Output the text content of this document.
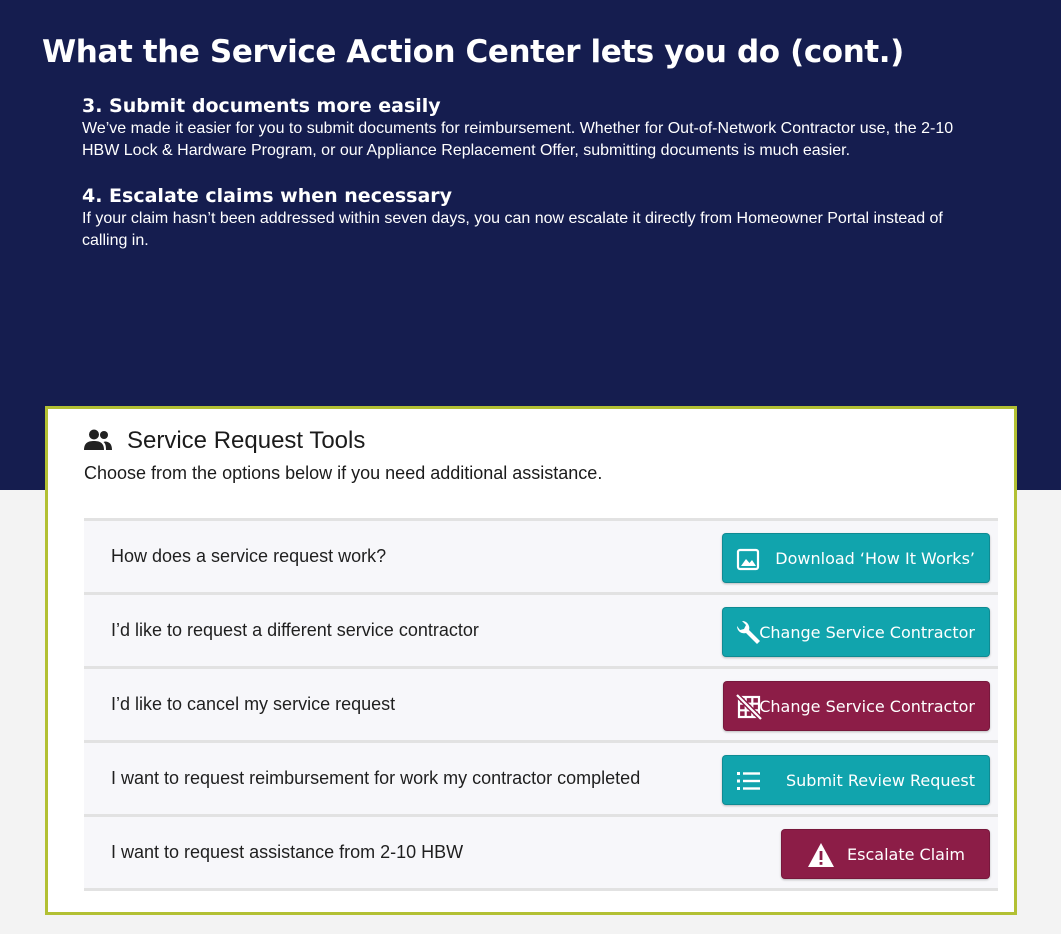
What the Service Action Center lets you do (cont.)
3. Submit documents more easily

We’ve made it easier for you to submit documents for reimbursement. Whether for Out-of-Network Contractor use, the 2-10 HBW Lock & Hardware Program, or our Appliance Replacement Offer, submitting documents is much easier.

4. Escalate claims when necessary

If your claim hasn’t been addressed within seven days, you can now escalate it directly from Homeowner Portal instead of calling in.

Service Request Tools

Choose from the options below if you need additional assistance.

How does a service request work?	Download ‘How It Works’
I’d like to request a different service contractor	Change Service Contractor
I’d like to cancel my service request	Change Service Contractor
I want to request reimbursement for work my contractor completed	Submit Review Request
I want to request assistance from 2-10 HBW	Escalate Claim
